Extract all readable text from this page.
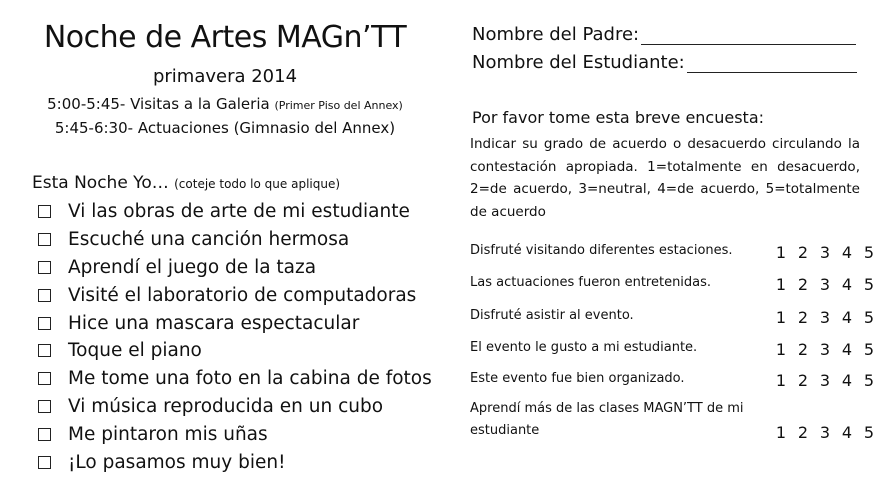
Noche de Artes MAGn’TT
primavera 2014
5:00-5:45- Visitas a la Galeria (Primer Piso del Annex)
5:45-6:30- Actuaciones (Gimnasio del Annex)
Esta Noche Yo… (coteje todo lo que aplique)
Vi las obras de arte de mi estudiante
Escuché una canción hermosa
Aprendí el juego de la taza
Visité el laboratorio de computadoras
Hice una mascara espectacular
Toque el piano
Me tome una foto en la cabina de fotos
Vi música reproducida en un cubo
Me pintaron mis uñas
¡Lo pasamos muy bien!
Nombre del Padre:
Nombre del Estudiante:
Por favor tome esta breve encuesta:
Indicar su grado de acuerdo o desacuerdo circulando la contestación apropiada. 1=totalmente en desacuerdo, 2=de acuerdo, 3=neutral, 4=de acuerdo, 5=totalmente de acuerdo
Disfruté visitando diferentes estaciones.	1 2 3 4 5
Las actuaciones fueron entretenidas.	1 2 3 4 5
Disfruté asistir al evento.	1 2 3 4 5
El evento le gusto a mi estudiante.	1 2 3 4 5
Este evento fue bien organizado.	1 2 3 4 5
Aprendí más de las clases MAGN’TT de mi estudiante	1 2 3 4 5
